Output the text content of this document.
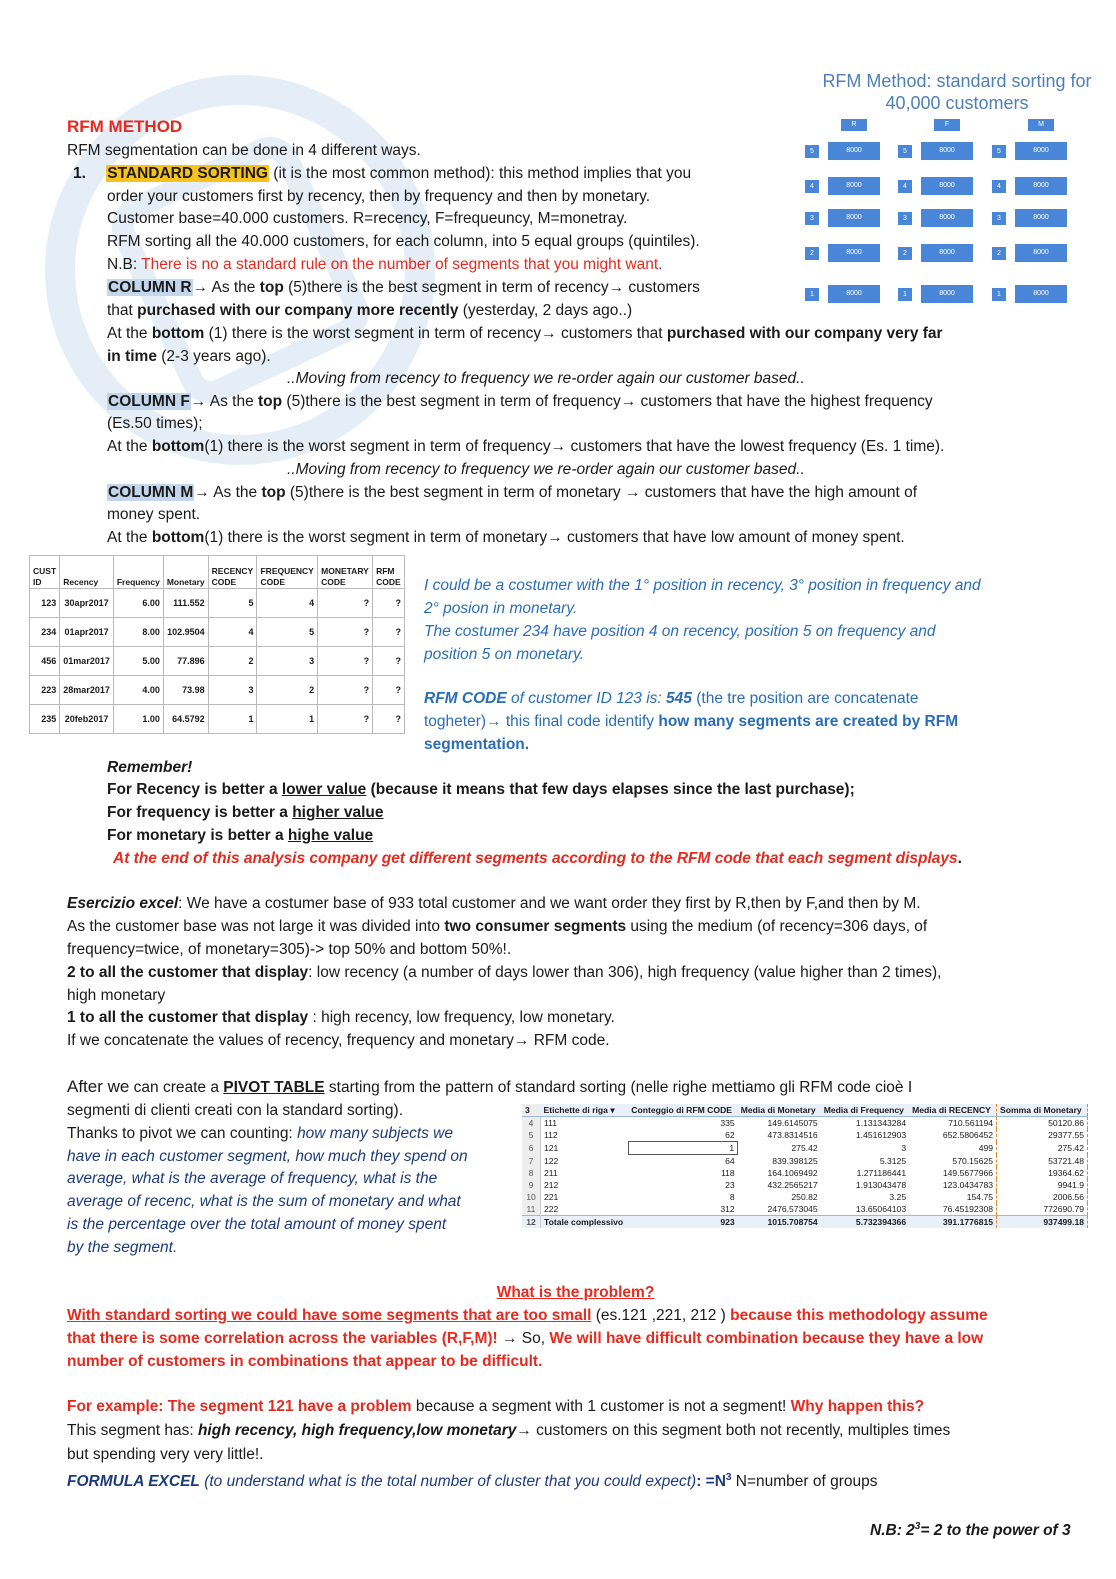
RFM Method: standard sorting for 40,000 customers
R	F	M
5	8000	5	8000	5	8000
4	8000	4	8000	4	8000
3	8000	3	8000	3	8000
2	8000	2	8000	2	8000
1	8000	1	8000	1	8000
RFM METHOD
RFM segmentation can be done in 4 different ways.
1. STANDARD SORTING (it is the most common method): this method implies that you
order your customers first by recency, then by frequency and then by monetary.
Customer base=40.000 customers. R=recency, F=frequeuncy, M=monetray.
RFM sorting all the 40.000 customers, for each column, into 5 equal groups (quintiles).
N.B: There is no a standard rule on the number of segments that you might want.
COLUMN R→ As the top (5)there is the best segment in term of recency→ customers
that purchased with our company more recently (yesterday, 2 days ago..)
At the bottom (1) there is the worst segment in term of recency→ customers that purchased with our company very far
in time (2-3 years ago).
..Moving from recency to frequency we re-order again our customer based..
COLUMN F→ As the top (5)there is the best segment in term of frequency→ customers that have the highest frequency
(Es.50 times);
At the bottom(1) there is the worst segment in term of frequency→ customers that have the lowest frequency (Es. 1 time).
..Moving from recency to frequency we re-order again our customer based..
COLUMN M→ As the top (5)there is the best segment in term of monetary → customers that have the high amount of
money spent.
At the bottom(1) there is the worst segment in term of monetary→ customers that have low amount of money spent.
CUST ID	Recency	Frequency	Monetary	RECENCY CODE	FREQUENCY CODE	MONETARY CODE	RFM CODE
123	30apr2017	6.00	111.552	5	4	?	?
234	01apr2017	8.00	102.9504	4	5	?	?
456	01mar2017	5.00	77.896	2	3	?	?
223	28mar2017	4.00	73.98	3	2	?	?
235	20feb2017	1.00	64.5792	1	1	?	?
I could be a costumer with the 1° position in recency, 3° position in frequency and
2° posion in monetary.
The costumer 234 have position 4 on recency, position 5 on frequency and
position 5 on monetary.
RFM CODE of customer ID 123 is: 545 (the tre position are concatenate
togheter)→ this final code identify how many segments are created by RFM
segmentation.
Remember!
For Recency is better a lower value (because it means that few days elapses since the last purchase);
For frequency is better a higher value
For monetary is better a highe value
At the end of this analysis company get different segments according to the RFM code that each segment displays.
Esercizio excel: We have a costumer base of 933 total customer and we want order they first by R,then by F,and then by M.
As the customer base was not large it was divided into two consumer segments using the medium (of recency=306 days, of
frequency=twice, of monetary=305)-> top 50% and bottom 50%!.
2 to all the customer that display: low recency (a number of days lower than 306), high frequency (value higher than 2 times),
high monetary
1 to all the customer that display : high recency, low frequency, low monetary.
If we concatenate the values of recency, frequency and monetary→ RFM code.
After we can create a PIVOT TABLE starting from the pattern of standard sorting (nelle righe mettiamo gli RFM code cioè I
segmenti di clienti creati con la standard sorting).
Thanks to pivot we can counting: how many subjects we
have in each customer segment, how much they spend on
average, what is the average of frequency, what is the
average of recenc, what is the sum of monetary and what
is the percentage over the total amount of money spent
by the segment.
3	Etichette di riga ▾	Conteggio di RFM CODE	Media di Monetary	Media di Frequency	Media di RECENCY	Somma di Monetary
4	111	335	149.6145075	1.131343284	710.561194	50120.86
5	112	62	473.8314516	1.451612903	652.5806452	29377.55
6	121	1	275.42	3	499	275.42
7	122	64	839.398125	5.3125	570.15625	53721.48
8	211	118	164.1069492	1.271186441	149.5677966	19364.62
9	212	23	432.2565217	1.913043478	123.0434783	9941.9
10	221	8	250.82	3.25	154.75	2006.56
11	222	312	2476.573045	13.65064103	76.45192308	772690.79
12	Totale complessivo	923	1015.708754	5.732394366	391.1776815	937499.18
What is the problem?
With standard sorting we could have some segments that are too small (es.121 ,221, 212 ) because this methodology assume
that there is some correlation across the variables (R,F,M)! → So, We will have difficult combination because they have a low
number of customers in combinations that appear to be difficult.
For example: The segment 121 have a problem because a segment with 1 customer is not a segment! Why happen this?
This segment has: high recency, high frequency,low monetary→ customers on this segment both not recently, multiples times
but spending very very little!.
FORMULA EXCEL (to understand what is the total number of cluster that you could expect): $=N^3$ N=number of groups
N.B: $2^3= 2$ to the power of 3
